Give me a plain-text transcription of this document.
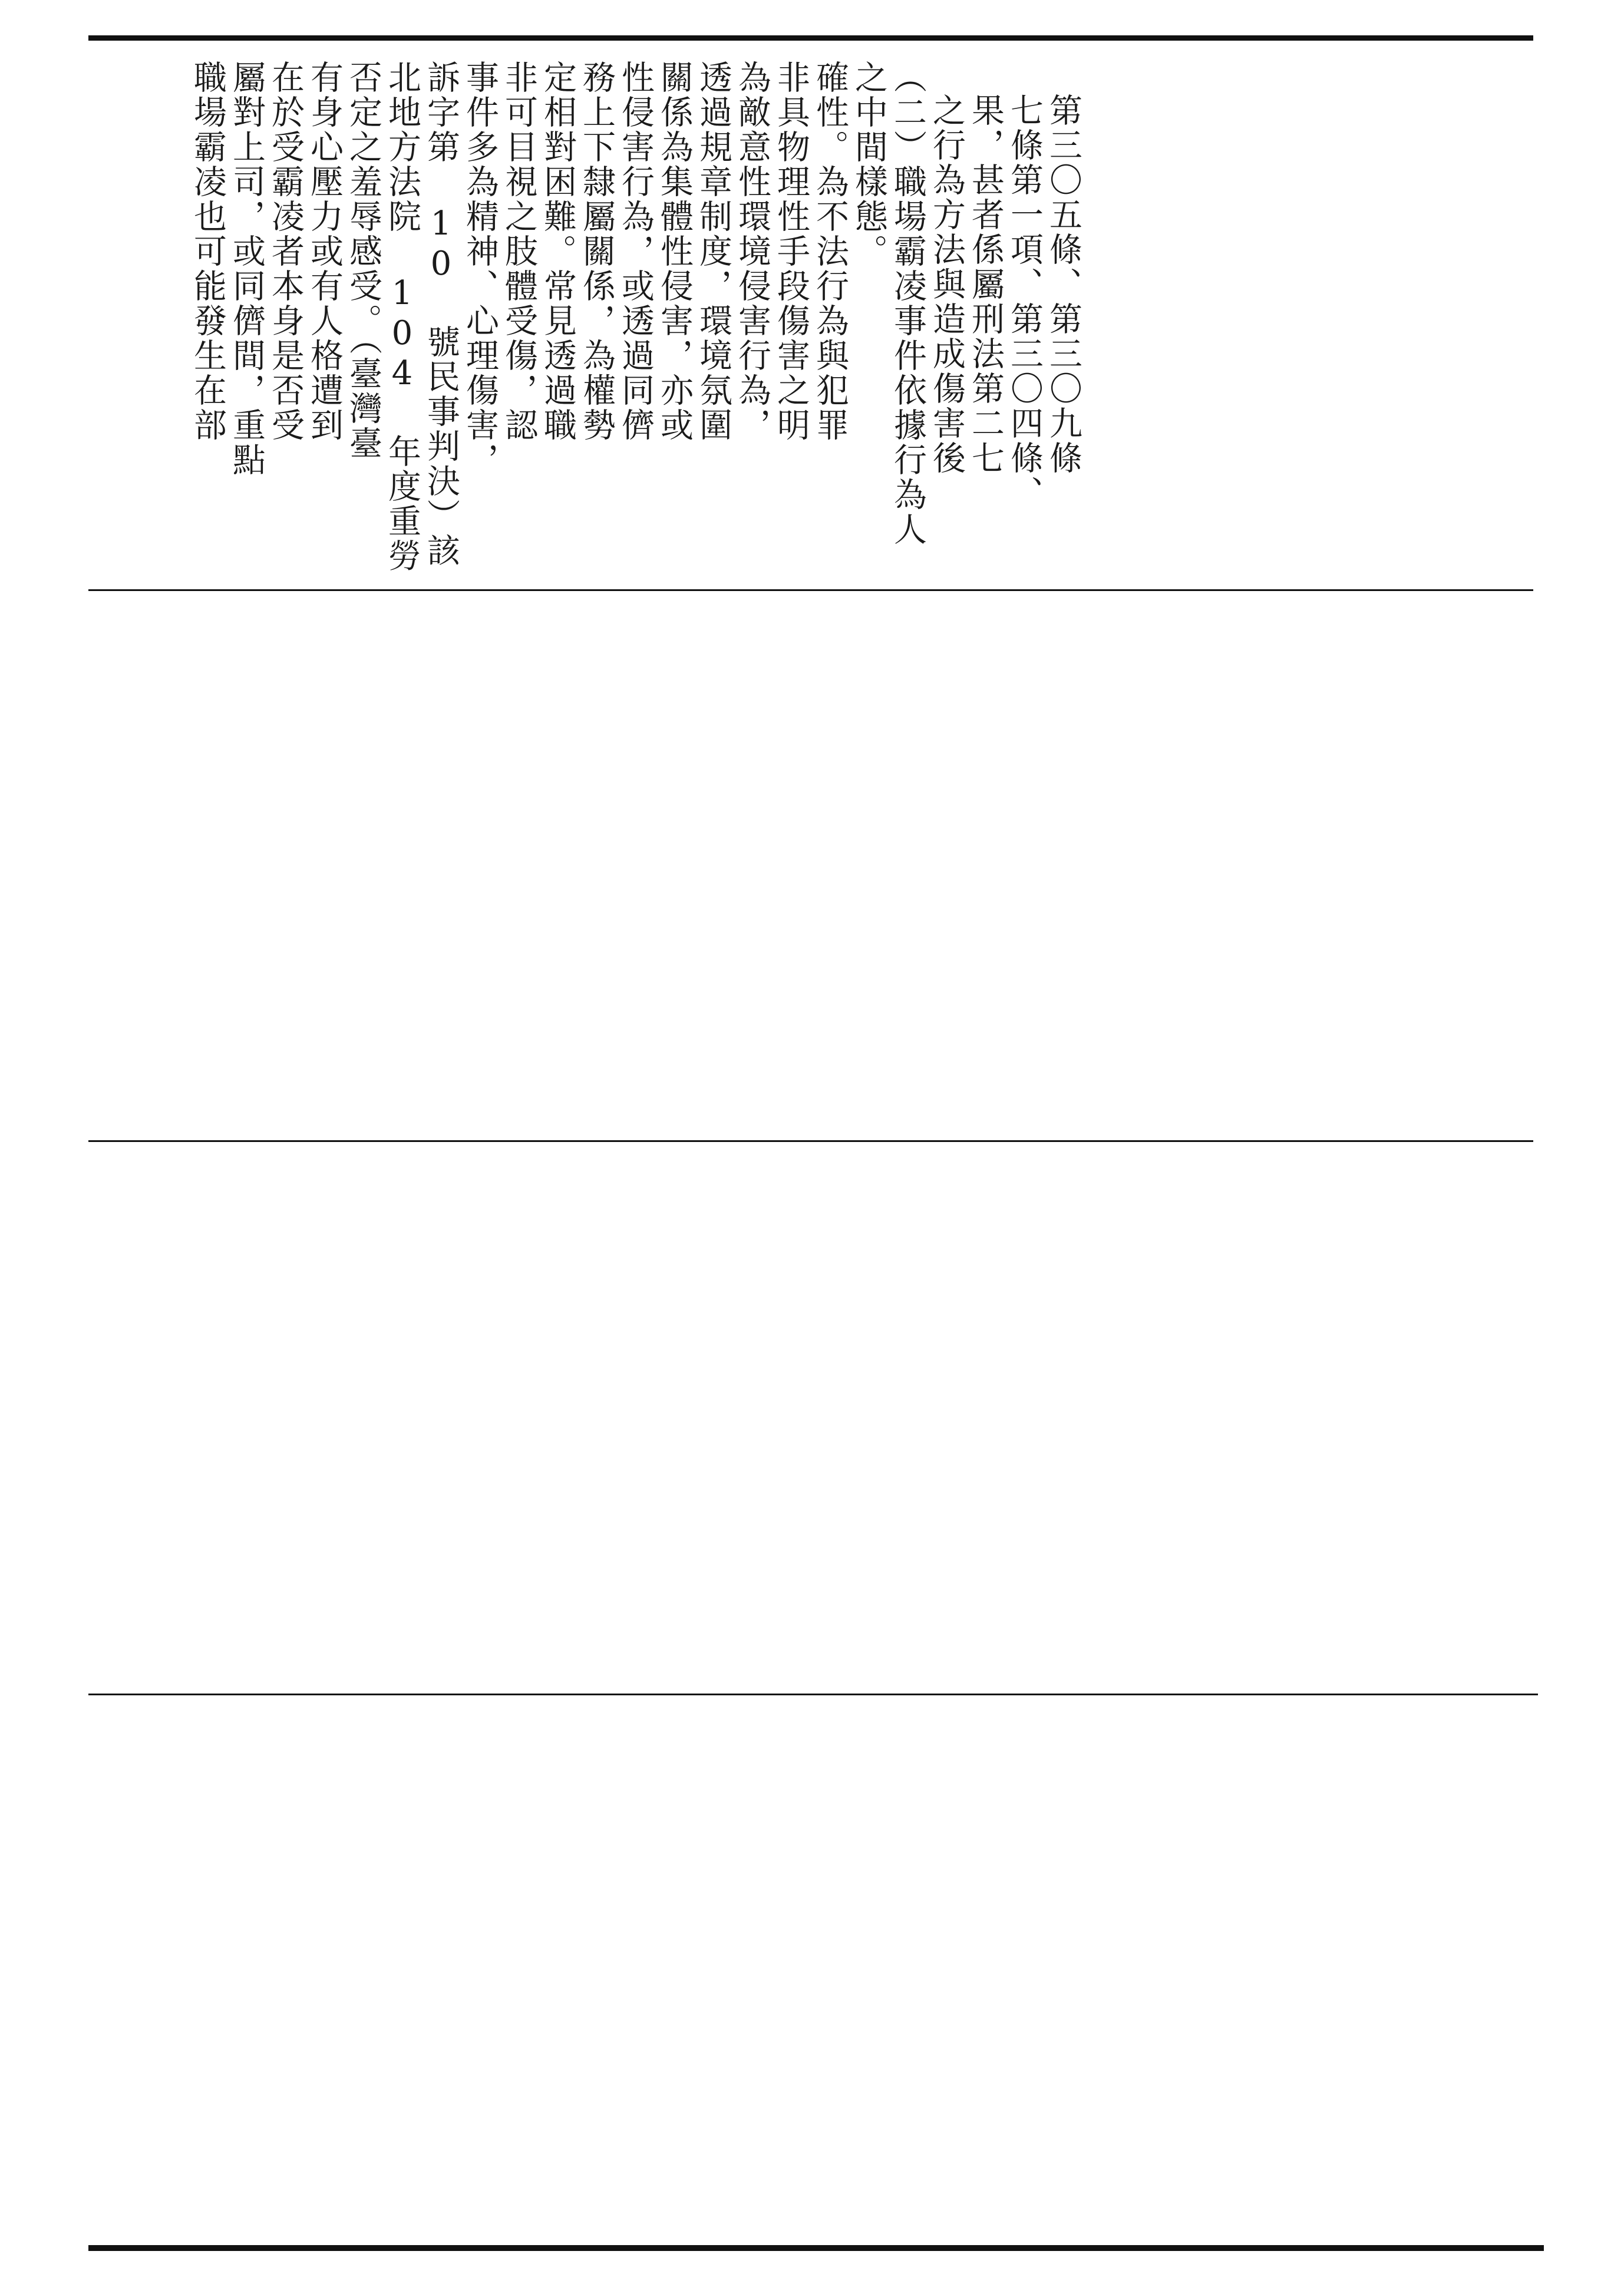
職場霸凌也可能發生在部 屬對上司，或同儕間，重點 在於受霸凌者本身是否受 有身心壓力或有人格遭到 否定之羞辱感受。（臺灣臺 北地方法院 104 年度重勞 訴字第 10 號民事判決）該 事件多為精神、心理傷害， 非可目視之肢體受傷，認 定相對困難。常見透過職 務上下隸屬關係，為權勢 性侵害行為，或透過同儕 關係為集體性侵害，亦或 透過規章制度，環境氛圍 為敵意性環境侵害行為， 非具物理性手段傷害之明 確性。為不法行為與犯罪 之中間樣態。 （二）職場霸凌事件依據行為人 之行為方法與造成傷害後 果，甚者係屬刑法第二七 七條第一項、第三〇四條、 第三〇五條、第三〇九條
